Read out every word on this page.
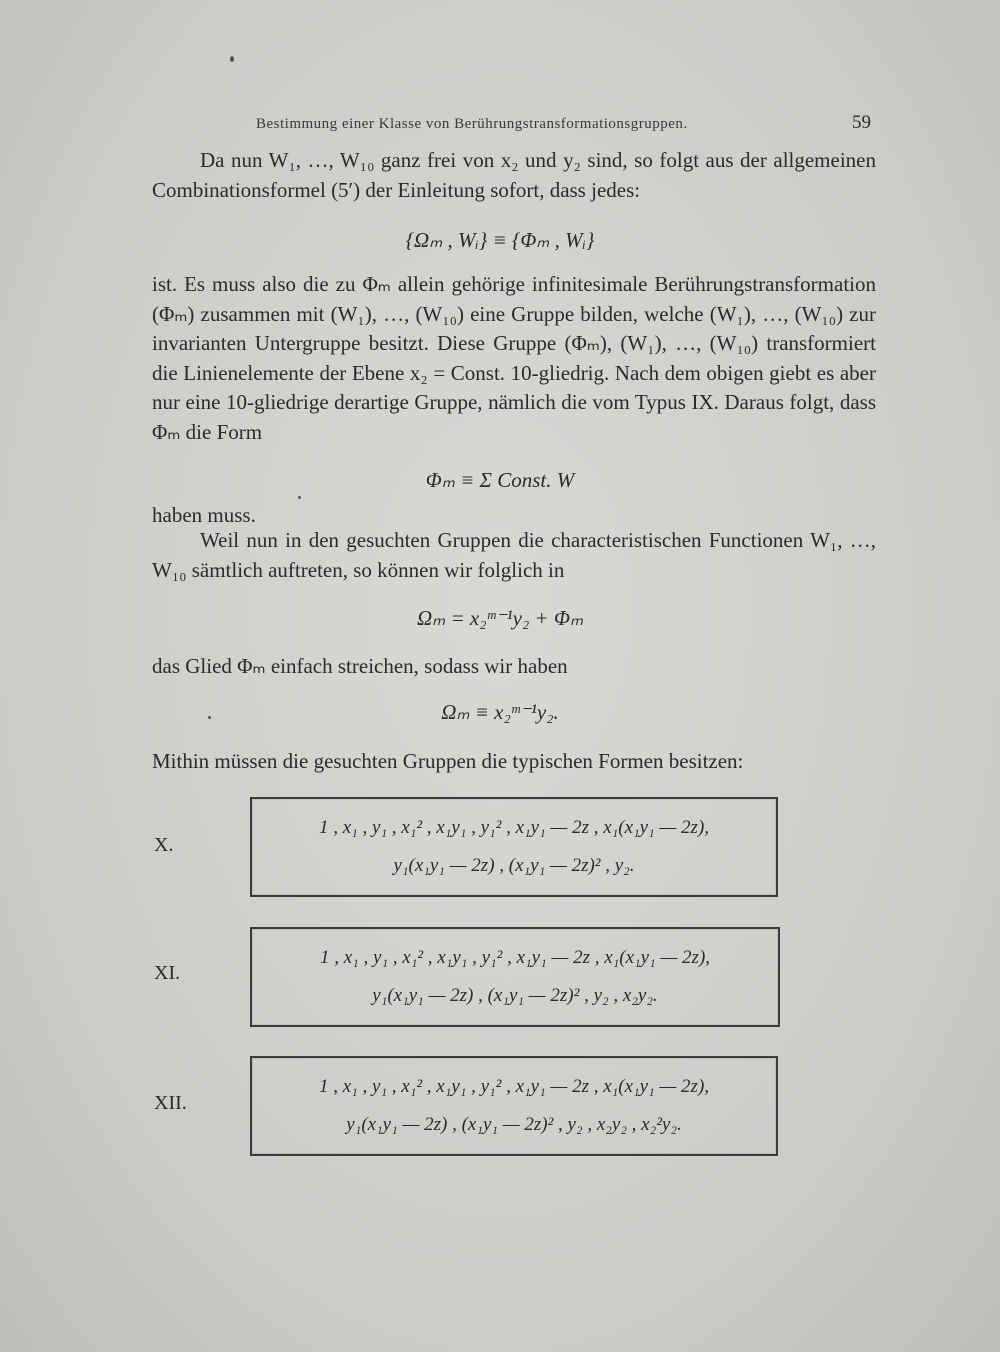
Bestimmung einer Klasse von Berührungstransformationsgruppen.	59

Da nun W₁, …, W₁₀ ganz frei von x₂ und y₂ sind, so folgt aus der allgemeinen Combinationsformel (5′) der Einleitung sofort, dass jedes:

{Ωₘ , Wᵢ} ≡ {Φₘ , Wᵢ}

ist. Es muss also die zu Φₘ allein gehörige infinitesimale Berührungstransformation (Φₘ) zusammen mit (W₁), …, (W₁₀) eine Gruppe bilden, welche (W₁), …, (W₁₀) zur invarianten Untergruppe besitzt. Diese Gruppe (Φₘ), (W₁), …, (W₁₀) transformiert die Linienelemente der Ebene x₂ = Const. 10-gliedrig. Nach dem obigen giebt es aber nur eine 10-gliedrige derartige Gruppe, nämlich die vom Typus IX. Daraus folgt, dass Φₘ die Form

Φₘ ≡ Σ Const. W

haben muss.

Weil nun in den gesuchten Gruppen die characteristischen Functionen W₁, …, W₁₀ sämtlich auftreten, so können wir folglich in

Ωₘ = x₂ᵐ⁻¹y₂ + Φₘ

das Glied Φₘ einfach streichen, sodass wir haben

Ωₘ ≡ x₂ᵐ⁻¹y₂.

Mithin müssen die gesuchten Gruppen die typischen Formen besitzen:

X.
1 , x₁ , y₁ , x₁² , x₁y₁ , y₁² , x₁y₁ — 2z , x₁(x₁y₁ — 2z),
y₁(x₁y₁ — 2z) , (x₁y₁ — 2z)² , y₂.
XI.
1 , x₁ , y₁ , x₁² , x₁y₁ , y₁² , x₁y₁ — 2z , x₁(x₁y₁ — 2z),
y₁(x₁y₁ — 2z) , (x₁y₁ — 2z)² , y₂ , x₂y₂.
XII.
1 , x₁ , y₁ , x₁² , x₁y₁ , y₁² , x₁y₁ — 2z , x₁(x₁y₁ — 2z),
y₁(x₁y₁ — 2z) , (x₁y₁ — 2z)² , y₂ , x₂y₂ , x₂²y₂.
